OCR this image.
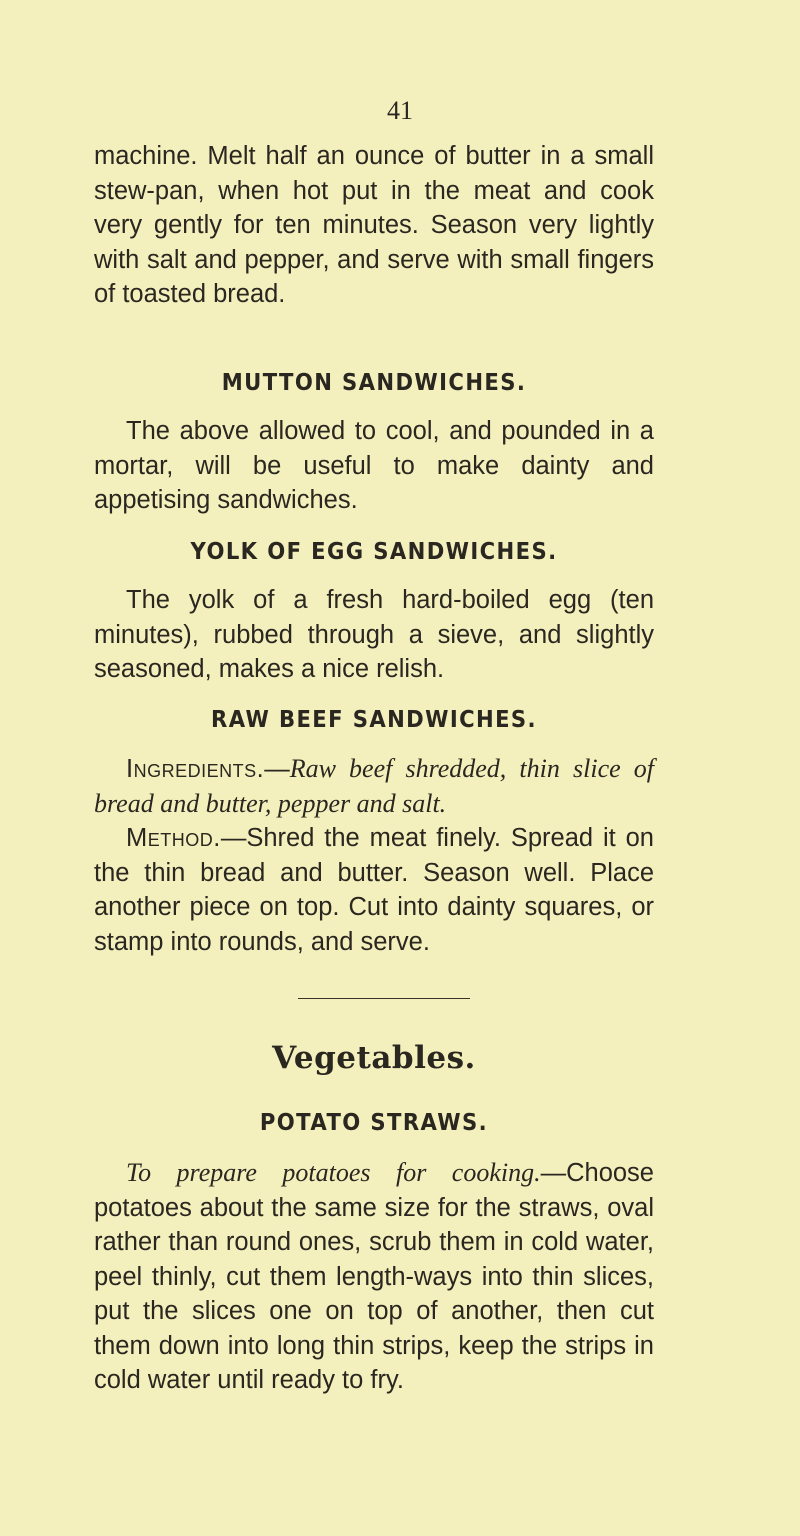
41

machine. Melt half an ounce of butter in a small stew-pan, when hot put in the meat and cook very gently for ten minutes. Season very lightly with salt and pepper, and serve with small fingers of toasted bread.

MUTTON SANDWICHES.

The above allowed to cool, and pounded in a mortar, will be useful to make dainty and appetising sandwiches.

YOLK OF EGG SANDWICHES.

The yolk of a fresh hard-boiled egg (ten minutes), rubbed through a sieve, and slightly seasoned, makes a nice relish.

RAW BEEF SANDWICHES.

Ingredients.—Raw beef shredded, thin slice of bread and butter, pepper and salt.

Method.—Shred the meat finely. Spread it on the thin bread and butter. Season well. Place another piece on top. Cut into dainty squares, or stamp into rounds, and serve.

Vegetables.
POTATO STRAWS.

To prepare potatoes for cooking.—Choose potatoes about the same size for the straws, oval rather than round ones, scrub them in cold water, peel thinly, cut them length-ways into thin slices, put the slices one on top of another, then cut them down into long thin strips, keep the strips in cold water until ready to fry.
